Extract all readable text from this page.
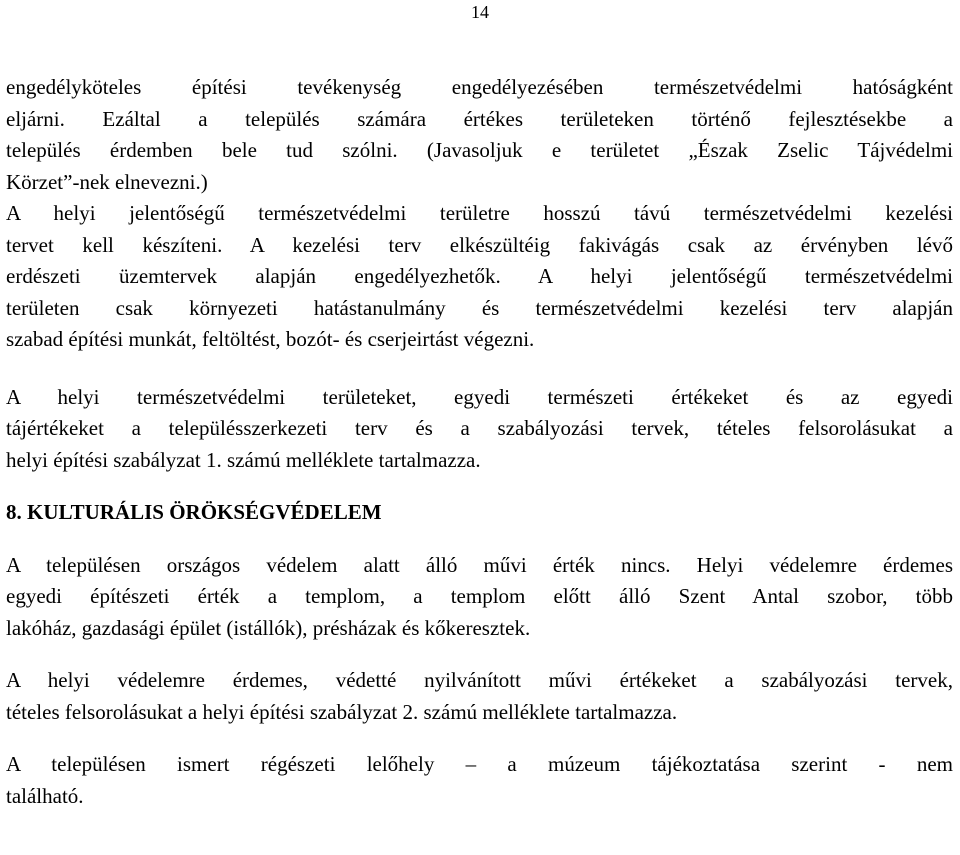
14
engedélyköteles építési tevékenység engedélyezésében természetvédelmi hatóságként
eljárni. Ezáltal a település számára értékes területeken történő fejlesztésekbe a
település érdemben bele tud szólni. (Javasoljuk e területet „Észak Zselic Tájvédelmi
Körzet”-nek elnevezni.)
A helyi jelentőségű természetvédelmi területre hosszú távú természetvédelmi kezelési
tervet kell készíteni. A kezelési terv elkészültéig fakivágás csak az érvényben lévő
erdészeti üzemtervek alapján engedélyezhetők. A helyi jelentőségű természetvédelmi
területen csak környezeti hatástanulmány és természetvédelmi kezelési terv alapján
szabad építési munkát, feltöltést, bozót- és cserjeirtást végezni.
A helyi természetvédelmi területeket, egyedi természeti értékeket és az egyedi
tájértékeket a településszerkezeti terv és a szabályozási tervek, tételes felsorolásukat a
helyi építési szabályzat 1. számú melléklete tartalmazza.
8. KULTURÁLIS ÖRÖKSÉGVÉDELEM
A településen országos védelem alatt álló művi érték nincs. Helyi védelemre érdemes
egyedi építészeti érték a templom, a templom előtt álló Szent Antal szobor, több
lakóház, gazdasági épület (istállók), présházak és kőkeresztek.
A helyi védelemre érdemes, védetté nyilvánított művi értékeket a szabályozási tervek,
tételes felsorolásukat a helyi építési szabályzat 2. számú melléklete tartalmazza.
A településen ismert régészeti lelőhely – a múzeum tájékoztatása szerint - nem
található.
